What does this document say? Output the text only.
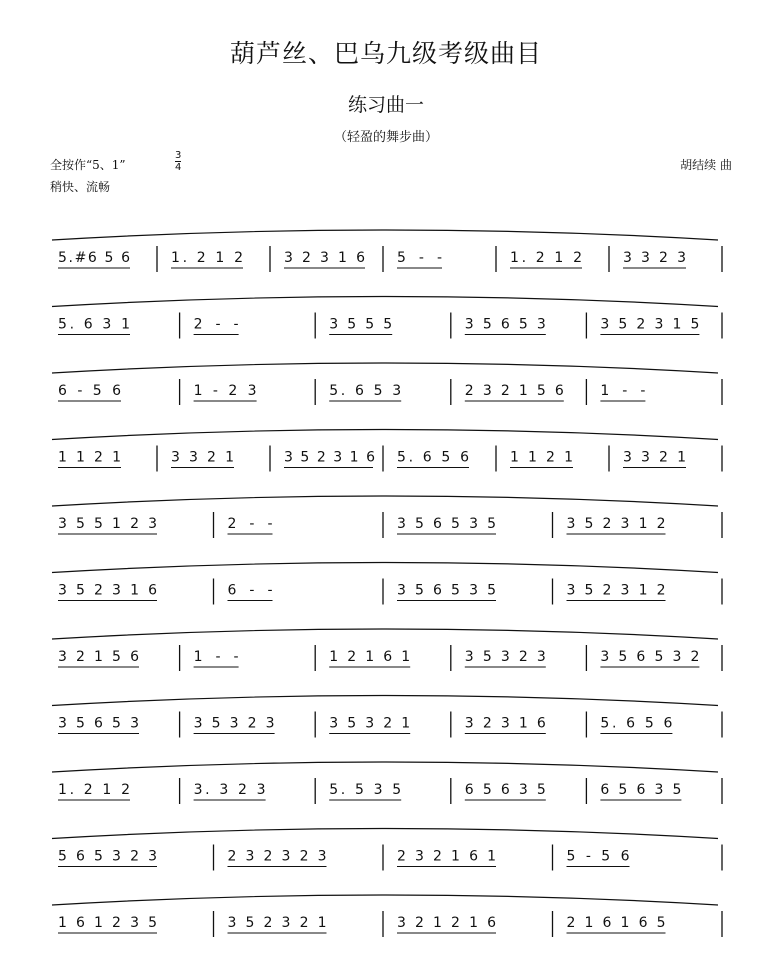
葫芦丝、巴乌九级考级曲目
练习曲一
（轻盈的舞步曲）
全按作“5、1”
3
4
稍快、流畅
胡结续 曲
5.#6 5 6	1. 2 1 2	3 2 3 1 6 5 - -	1. 2 1 2	3 3 2 3
5. 6 3 1	2 - -	3 5 5 5	3 5 6 5 3	3 5 2 3 1 5
6 - 5 6	1 - 2 3	5. 6 5 3	2 3 2 1 5 6	1 - -
1 1 2 1	3 3 2 1	3 5 2 3 1 6 5. 6 5 6	1 1 2 1	3 3 2 1
3 5 5 1 2 3	2 - -	3 5 6 5 3 5	3 5 2 3 1 2
3 5 2 3 1 6	6 - -	3 5 6 5 3 5	3 5 2 3 1 2
3 2 1 5 6	1 - -	1 2 1 6 1	3 5 3 2 3	3 5 6 5 3 2
3 5 6 5 3	3 5 3 2 3	3 5 3 2 1	3 2 3 1 6	5. 6 5 6
1. 2 1 2	3. 3 2 3	5. 5 3 5	6 5 6 3 5	6 5 6 3 5
5 6 5 3 2 3	2 3 2 3 2 3	2 3 2 1 6 1	5 - 5 6
1 6 1 2 3 5	3 5 2 3 2 1	3 2 1 2 1 6	2 1 6 1 6 5
